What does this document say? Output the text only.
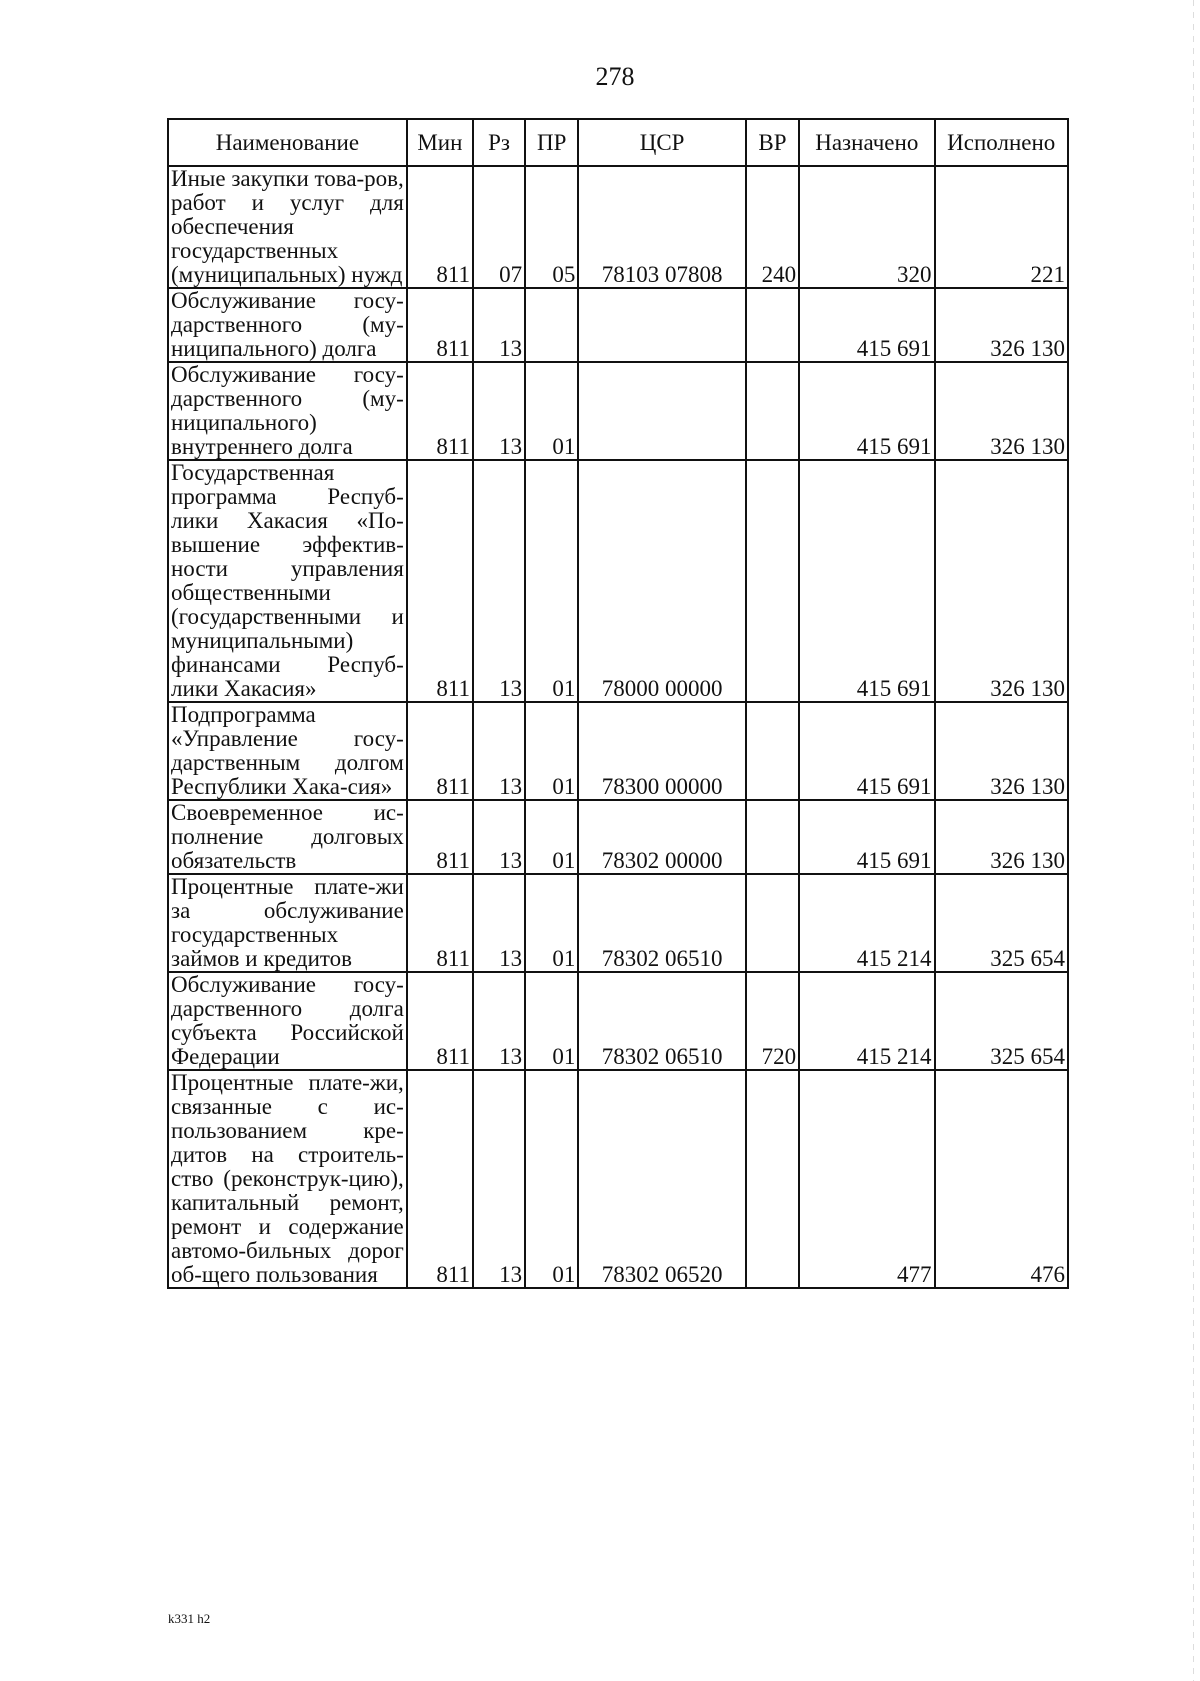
278
Наименование	Мин	Рз	ПР	ЦСР	ВР	Назначено	Исполнено
Иные закупки това-ров, работ и услуг для обеспечения государственных (муниципальных) нужд	811	07	05	78103 07808	240	320	221
Обслуживание госу-дарственного (му-ниципального) долга	811	13				415 691	326 130
Обслуживание госу-дарственного (му-ниципального) внутреннего долга	811	13	01			415 691	326 130
Государственная программа Респуб-лики Хакасия «По-вышение эффектив-ности управления общественными (государственными и муниципальными) финансами Респуб-лики Хакасия»	811	13	01	78000 00000		415 691	326 130
Подпрограмма «Управление госу-дарственным долгом Республики Хака-сия»	811	13	01	78300 00000		415 691	326 130
Своевременное ис-полнение долговых обязательств	811	13	01	78302 00000		415 691	326 130
Процентные плате-жи за обслуживание государственных займов и кредитов	811	13	01	78302 06510		415 214	325 654
Обслуживание госу-дарственного долга субъекта Российской Федерации	811	13	01	78302 06510	720	415 214	325 654
Процентные плате-жи, связанные с ис-пользованием кре-дитов на строитель-ство (реконструк-цию), капитальный ремонт, ремонт и содержание автомо-бильных дорог об-щего пользования	811	13	01	78302 06520		477	476
k331 h2
